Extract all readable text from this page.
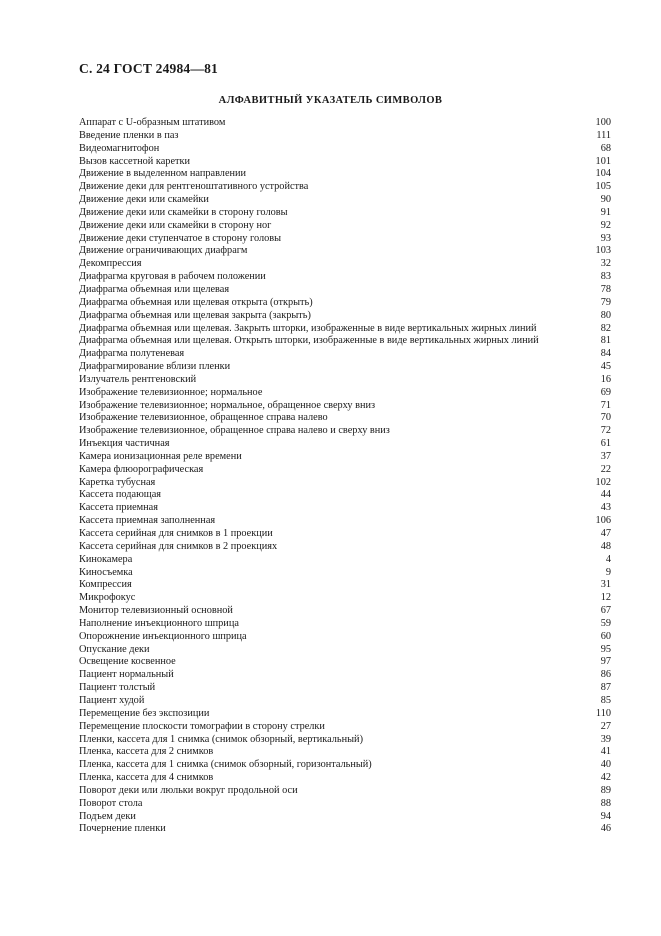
С. 24 ГОСТ 24984—81
АЛФАВИТНЫЙ УКАЗАТЕЛЬ СИМВОЛОВ
Аппарат с U-образным штативом	100
Введение пленки в паз	111
Видеомагнитофон	68
Вызов кассетной каретки	101
Движение в выделенном направлении	104
Движение деки для рентгеноштативного устройства	105
Движение деки или скамейки	90
Движение деки или скамейки в сторону головы	91
Движение деки или скамейки в сторону ног	92
Движение деки ступенчатое в сторону головы	93
Движение ограничивающих диафрагм	103
Декомпрессия	32
Диафрагма круговая в рабочем положении	83
Диафрагма объемная или щелевая	78
Диафрагма объемная или щелевая открыта (открыть)	79
Диафрагма объемная или щелевая закрыта (закрыть)	80
Диафрагма объемная или щелевая. Закрыть шторки, изображенные в виде вертикальных жирных линий	82
Диафрагма объемная или щелевая. Открыть шторки, изображенные в виде вертикальных жирных линий	81
Диафрагма полутеневая	84
Диафрагмирование вблизи пленки	45
Излучатель рентгеновский	16
Изображение телевизионное; нормальное	69
Изображение телевизионное; нормальное, обращенное сверху вниз	71
Изображение телевизионное, обращенное справа налево	70
Изображение телевизионное, обращенное справа налево и сверху вниз	72
Инъекция частичная	61
Камера ионизационная реле времени	37
Камера флюорографическая	22
Каретка тубусная	102
Кассета подающая	44
Кассета приемная	43
Кассета приемная заполненная	106
Кассета серийная для снимков в 1 проекции	47
Кассета серийная для снимков в 2 проекциях	48
Кинокамера	4
Киносъемка	9
Компрессия	31
Микрофокус	12
Монитор телевизионный основной	67
Наполнение инъекционного шприца	59
Опорожнение инъекционного шприца	60
Опускание деки	95
Освещение косвенное	97
Пациент нормальный	86
Пациент толстый	87
Пациент худой	85
Перемещение без экспозиции	110
Перемещение плоскости томографии в сторону стрелки	27
Пленки, кассета для 1 снимка (снимок обзорный, вертикальный)	39
Пленка, кассета для 2 снимков	41
Пленка, кассета для 1 снимка (снимок обзорный, горизонтальный)	40
Пленка, кассета для 4 снимков	42
Поворот деки или люльки вокруг продольной оси	89
Поворот стола	88
Подъем деки	94
Почернение пленки	46
